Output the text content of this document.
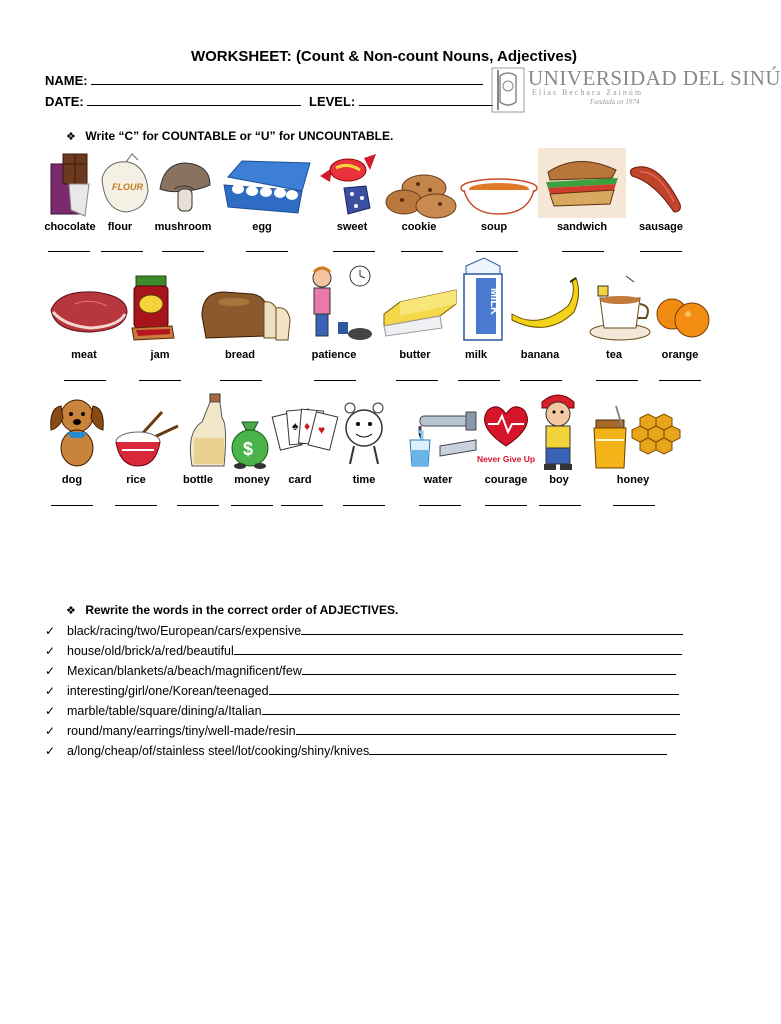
WORKSHEET: (Count & Non-count Nouns, Adjectives)
NAME:
DATE:	LEVEL:
UNIVERSIDAD DEL SINÚ
Elías Bechara Zainúm
Fundada en 1974
❖ Write “C” for COUNTABLE or “U” for UNCOUNTABLE.
FLOUR
chocolate flour mushroom	egg	sweet	cookie	soup	sandwich	sausage
MILK
meat	jam	bread	patience	butter	milk	banana	tea	orange
$
♥
♦
♠
Never Give Up
dog	rice	bottle money card	time	water	courage boy	honey
❖ Rewrite the words in the correct order of ADJECTIVES.
✓ black/racing/two/European/cars/expensive
✓ house/old/brick/a/red/beautiful
✓ Mexican/blankets/a/beach/magnificent/few
✓ interesting/girl/one/Korean/teenaged
✓ marble/table/square/dining/a/Italian
✓ round/many/earrings/tiny/well-made/resin
✓ a/long/cheap/of/stainless steel/lot/cooking/shiny/knives
